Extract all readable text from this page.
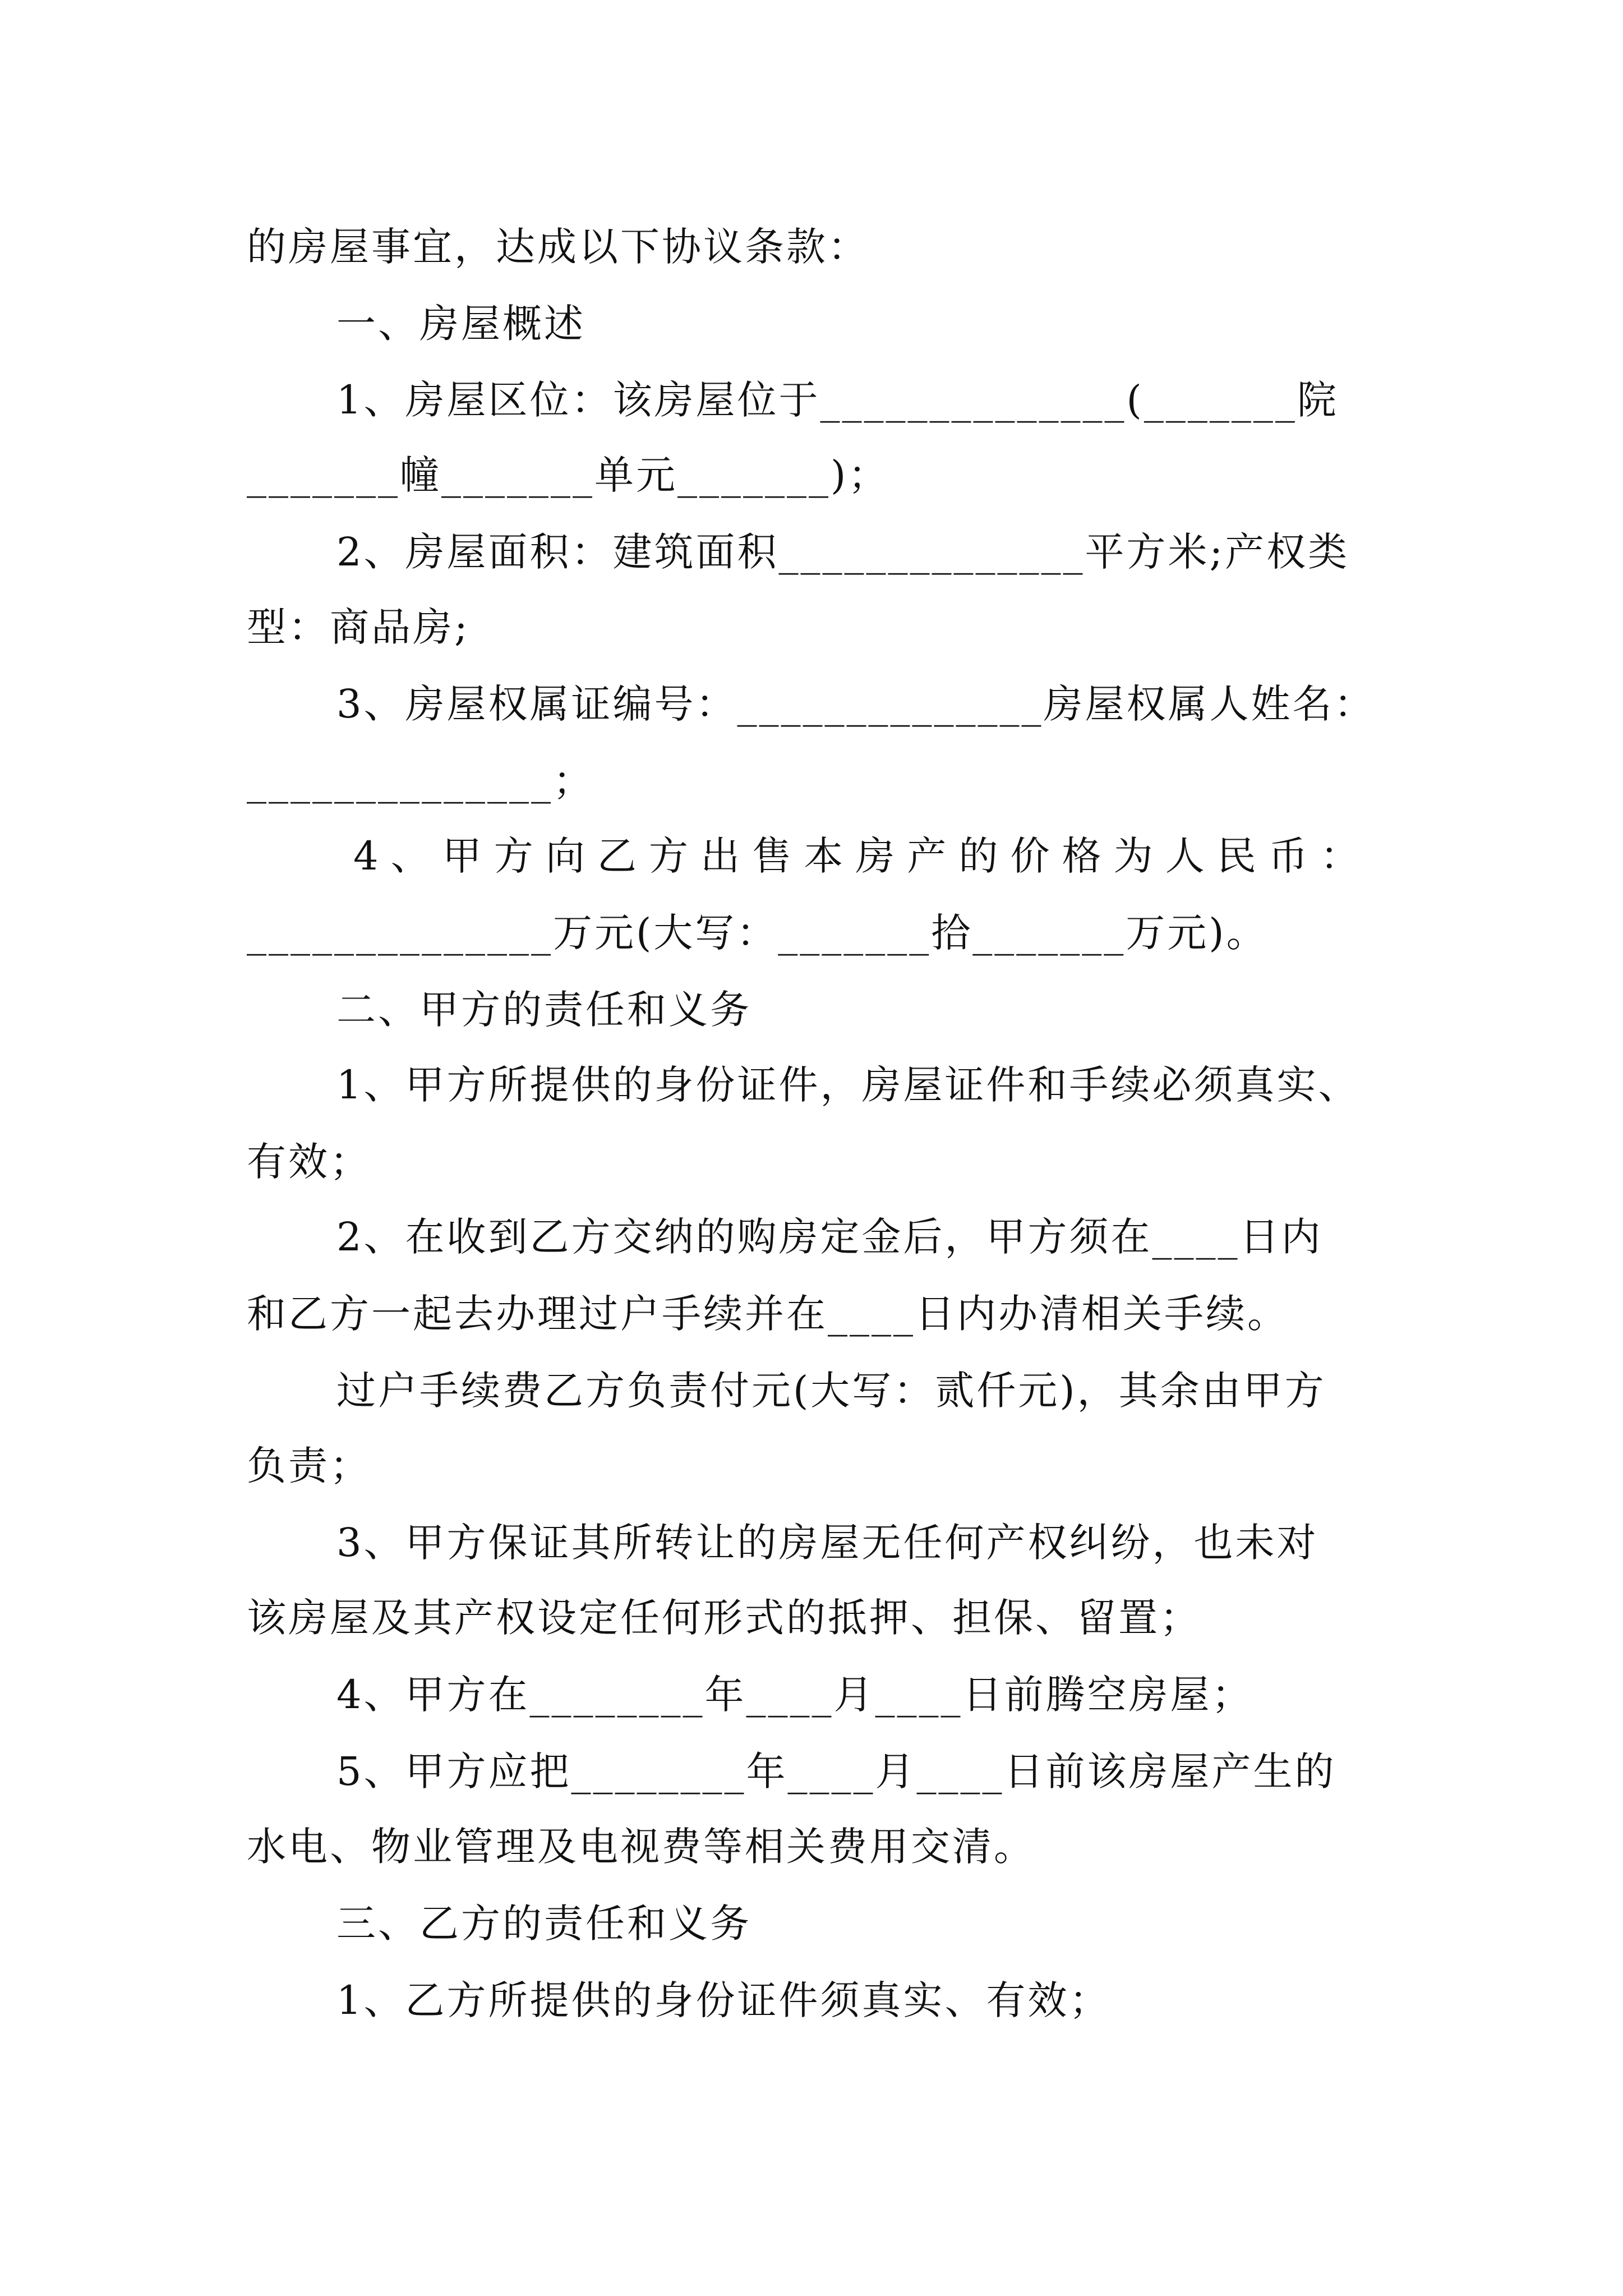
的房屋事宜，达成以下协议条款：
一、房屋概述
1、房屋区位：该房屋位于______________(_______院
_______幢_______单元_______)；
2、房屋面积：建筑面积______________平方米;产权类
型：商品房;
3、房屋权属证编号：______________房屋权属人姓名：
______________；
4、甲方向乙方出售本房产的价格为人民币：
______________万元(大写：_______拾_______万元)。
二、甲方的责任和义务
1、甲方所提供的身份证件，房屋证件和手续必须真实、
有效；
2、在收到乙方交纳的购房定金后，甲方须在____日内
和乙方一起去办理过户手续并在____日内办清相关手续。
过户手续费乙方负责付元(大写：贰仟元)，其余由甲方
负责；
3、甲方保证其所转让的房屋无任何产权纠纷，也未对
该房屋及其产权设定任何形式的抵押、担保、留置；
4、甲方在________年____月____日前腾空房屋；
5、甲方应把________年____月____日前该房屋产生的
水电、物业管理及电视费等相关费用交清。
三、乙方的责任和义务
1、乙方所提供的身份证件须真实、有效；
